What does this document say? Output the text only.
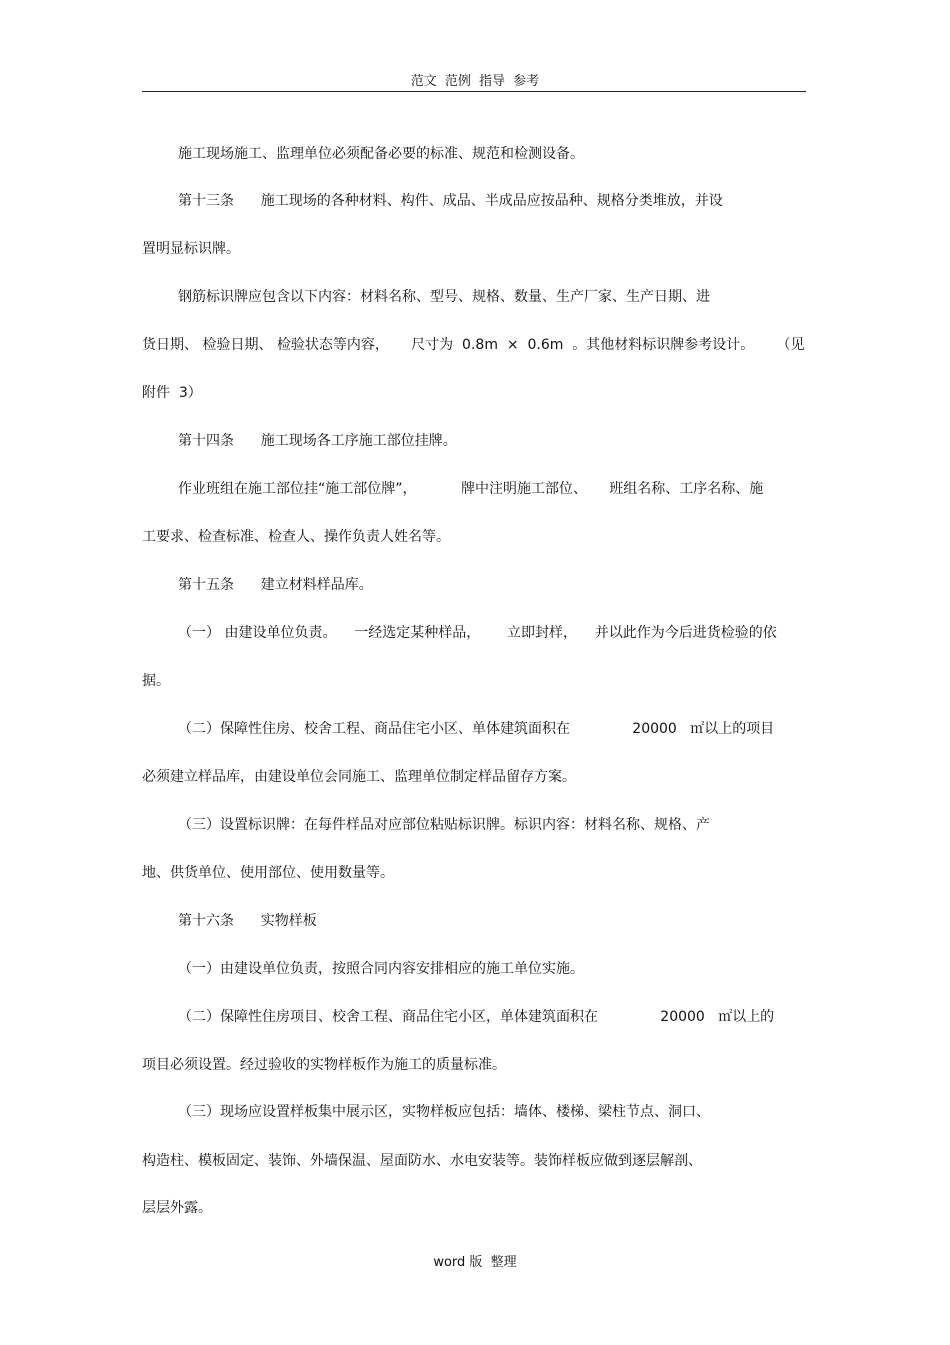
范文 范例 指导 参考
施工现场施工、监理单位必须配备必要的标准、规范和检测设备。
第十三条      施工现场的各种材料、构件、成品、半成品应按品种、规格分类堆放，并设
置明显标识牌。
钢筋标识牌应包含以下内容：材料名称、型号、规格、数量、生产厂家、生产日期、进
货日期、 检验日期、 检验状态等内容，     尺寸为  0.8m  ×  0.6m  。其他材料标识牌参考设计。     （见
附件  3）
第十四条      施工现场各工序施工部位挂牌。
作业班组在施工部位挂“施工部位牌”，          牌中注明施工部位、     班组名称、工序名称、施
工要求、检查标准、检查人、操作负责人姓名等。
第十五条      建立材料样品库。
（一） 由建设单位负责。    一经选定某种样品，      立即封样，    并以此作为今后进货检验的依
据。
（二）保障性住房、校舍工程、商品住宅小区、单体建筑面积在              20000   ㎡以上的项目
必须建立样品库，由建设单位会同施工、监理单位制定样品留存方案。
（三）设置标识牌：在每件样品对应部位粘贴标识牌。标识内容：材料名称、规格、产
地、供货单位、使用部位、使用数量等。
第十六条      实物样板
（一）由建设单位负责，按照合同内容安排相应的施工单位实施。
（二）保障性住房项目、校舍工程、商品住宅小区，单体建筑面积在              20000   ㎡以上的
项目必须设置。经过验收的实物样板作为施工的质量标准。
（三）现场应设置样板集中展示区，实物样板应包括：墙体、楼梯、梁柱节点、洞口、
构造柱、模板固定、装饰、外墙保温、屋面防水、水电安装等。装饰样板应做到逐层解剖、
层层外露。
word 版  整理
